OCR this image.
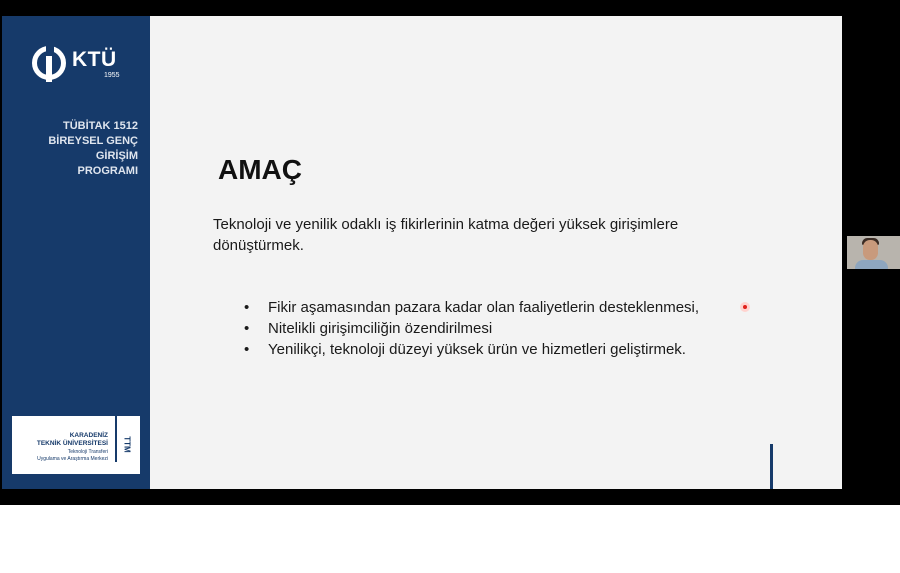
KTÜ
1955
TÜBİTAK 1512
BİREYSEL GENÇ
GİRİŞİM
PROGRAMI
KARADENİZ
TEKNİK ÜNİVERSİTESİ
Teknoloji Transferi
Uygulama ve Araştırma Merkezi
TTM
AMAÇ
Teknoloji ve yenilik odaklı iş fikirlerinin katma değeri yüksek girişimlere dönüştürmek.
• Fikir aşamasından pazara kadar olan faaliyetlerin desteklenmesi,
• Nitelikli girişimciliğin özendirilmesi
• Yenilikçi, teknoloji düzeyi yüksek ürün ve hizmetleri geliştirmek.
